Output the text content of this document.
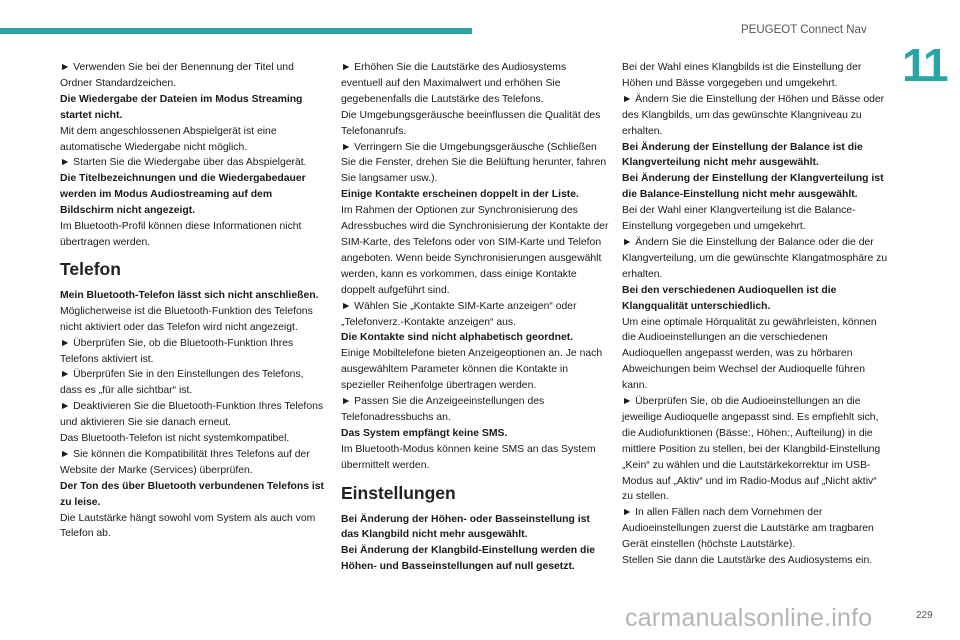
PEUGEOT Connect Nav
11

► Verwenden Sie bei der Benennung der Titel und Ordner Standardzeichen.

Die Wiedergabe der Dateien im Modus Streaming startet nicht.

Mit dem angeschlossenen Abspielgerät ist eine automatische Wiedergabe nicht möglich.

► Starten Sie die Wiedergabe über das Abspielgerät.

Die Titelbezeichnungen und die Wiedergabedauer werden im Modus Audiostreaming auf dem Bildschirm nicht angezeigt.

Im Bluetooth-Profil können diese Informationen nicht übertragen werden.

Telefon

Mein Bluetooth-Telefon lässt sich nicht anschließen.

Möglicherweise ist die Bluetooth-Funktion des Telefons nicht aktiviert oder das Telefon wird nicht angezeigt.

► Überprüfen Sie, ob die Bluetooth-Funktion Ihres Telefons aktiviert ist.

► Überprüfen Sie in den Einstellungen des Telefons, dass es „für alle sichtbar“ ist.

► Deaktivieren Sie die Bluetooth-Funktion Ihres Telefons und aktivieren Sie sie danach erneut.

Das Bluetooth-Telefon ist nicht systemkompatibel.

► Sie können die Kompatibilität Ihres Telefons auf der Website der Marke (Services) überprüfen.

Der Ton des über Bluetooth verbundenen Telefons ist zu leise.

Die Lautstärke hängt sowohl vom System als auch vom Telefon ab.

► Erhöhen Sie die Lautstärke des Audiosystems eventuell auf den Maximalwert und erhöhen Sie gegebenenfalls die Lautstärke des Telefons.

Die Umgebungsgeräusche beeinflussen die Qualität des Telefonanrufs.

► Verringern Sie die Umgebungsgeräusche (Schließen Sie die Fenster, drehen Sie die Belüftung herunter, fahren Sie langsamer usw.).

Einige Kontakte erscheinen doppelt in der Liste.

Im Rahmen der Optionen zur Synchronisierung des Adressbuches wird die Synchronisierung der Kontakte der SIM-Karte, des Telefons oder von SIM-Karte und Telefon angeboten. Wenn beide Synchronisierungen ausgewählt werden, kann es vorkommen, dass einige Kontakte doppelt aufgeführt sind.

► Wählen Sie „Kontakte SIM-Karte anzeigen“ oder „Telefonverz.-Kontakte anzeigen“ aus.

Die Kontakte sind nicht alphabetisch geordnet.

Einige Mobiltelefone bieten Anzeigeoptionen an. Je nach ausgewähltem Parameter können die Kontakte in spezieller Reihenfolge übertragen werden.

► Passen Sie die Anzeigeeinstellungen des Telefonadressbuchs an.

Das System empfängt keine SMS.

Im Bluetooth-Modus können keine SMS an das System übermittelt werden.

Einstellungen

Bei Änderung der Höhen- oder Basseinstellung ist das Klangbild nicht mehr ausgewählt.

Bei Änderung der Klangbild-Einstellung werden die Höhen- und Basseinstellungen auf null gesetzt.

Bei der Wahl eines Klangbilds ist die Einstellung der Höhen und Bässe vorgegeben und umgekehrt.

► Ändern Sie die Einstellung der Höhen und Bässe oder des Klangbilds, um das gewünschte Klangniveau zu erhalten.

Bei Änderung der Einstellung der Balance ist die Klangverteilung nicht mehr ausgewählt.

Bei Änderung der Einstellung der Klangverteilung ist die Balance-Einstellung nicht mehr ausgewählt.

Bei der Wahl einer Klangverteilung ist die Balance-Einstellung vorgegeben und umgekehrt.

► Ändern Sie die Einstellung der Balance oder die der Klangverteilung, um die gewünschte Klangatmosphäre zu erhalten.

Bei den verschiedenen Audioquellen ist die Klangqualität unterschiedlich.

Um eine optimale Hörqualität zu gewährleisten, können die Audioeinstellungen an die verschiedenen Audioquellen angepasst werden, was zu hörbaren Abweichungen beim Wechsel der Audioquelle führen kann.

► Überprüfen Sie, ob die Audioeinstellungen an die jeweilige Audioquelle angepasst sind. Es empfiehlt sich, die Audiofunktionen (Bässe:, Höhen:, Aufteilung) in die mittlere Position zu stellen, bei der Klangbild-Einstellung „Kein“ zu wählen und die Lautstärkekorrektur im USB-Modus auf „Aktiv“ und im Radio-Modus auf „Nicht aktiv“ zu stellen.

► In allen Fällen nach dem Vornehmen der Audioeinstellungen zuerst die Lautstärke am tragbaren Gerät einstellen (höchste Lautstärke).

Stellen Sie dann die Lautstärke des Audiosystems ein.

carmanualsonline.info	229
